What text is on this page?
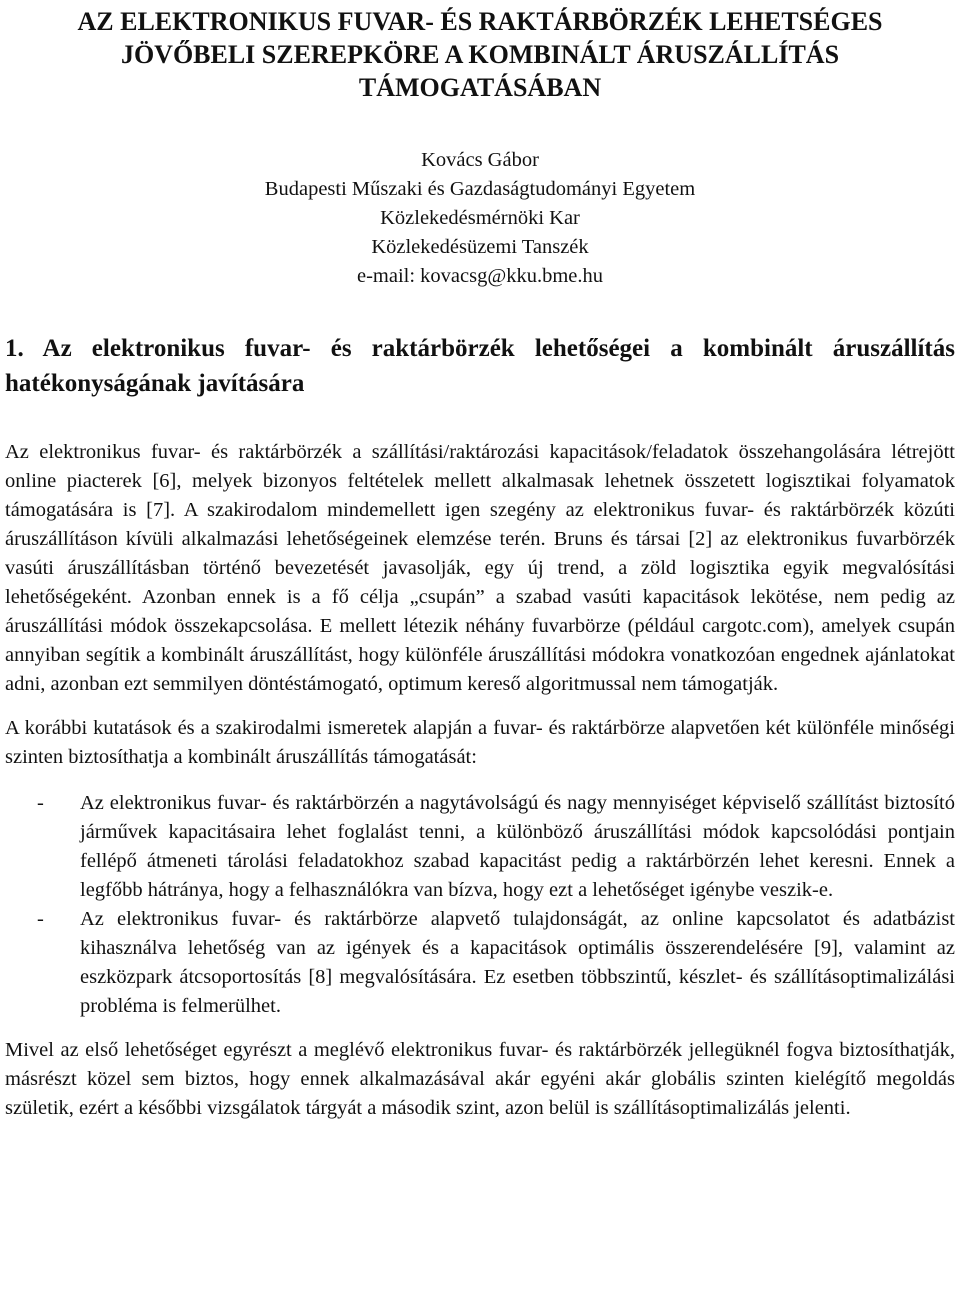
AZ ELEKTRONIKUS FUVAR- ÉS RAKTÁRBÖRZÉK LEHETSÉGES
JÖVŐBELI SZEREPKÖRE A KOMBINÁLT ÁRUSZÁLLÍTÁS
TÁMOGATÁSÁBAN
Kovács Gábor
Budapesti Műszaki és Gazdaságtudományi Egyetem
Közlekedésmérnöki Kar
Közlekedésüzemi Tanszék
e-mail: kovacsg@kku.bme.hu
1. Az elektronikus fuvar- és raktárbörzék lehetőségei a kombinált áruszállítás hatékonyságának javítására

Az elektronikus fuvar- és raktárbörzék a szállítási/raktározási kapacitások/feladatok összehangolására létrejött online piacterek [6], melyek bizonyos feltételek mellett alkalmasak lehetnek összetett logisztikai folyamatok támogatására is [7]. A szakirodalom mindemellett igen szegény az elektronikus fuvar- és raktárbörzék közúti áruszállításon kívüli alkalmazási lehetőségeinek elemzése terén. Bruns és társai [2] az elektronikus fuvarbörzék vasúti áruszállításban történő bevezetését javasolják, egy új trend, a zöld logisztika egyik megvalósítási lehetőségeként. Azonban ennek is a fő célja „csupán” a szabad vasúti kapacitások lekötése, nem pedig az áruszállítási módok összekapcsolása. E mellett létezik néhány fuvarbörze (például cargotc.com), amelyek csupán annyiban segítik a kombinált áruszállítást, hogy különféle áruszállítási módokra vonatkozóan engednek ajánlatokat adni, azonban ezt semmilyen döntéstámogató, optimum kereső algoritmussal nem támogatják.

A korábbi kutatások és a szakirodalmi ismeretek alapján a fuvar- és raktárbörze alapvetően két különféle minőségi szinten biztosíthatja a kombinált áruszállítás támogatását:

- Az elektronikus fuvar- és raktárbörzén a nagytávolságú és nagy mennyiséget képviselő szállítást biztosító járművek kapacitásaira lehet foglalást tenni, a különböző áruszállítási módok kapcsolódási pontjain fellépő átmeneti tárolási feladatokhoz szabad kapacitást pedig a raktárbörzén lehet keresni. Ennek a legfőbb hátránya, hogy a felhasználókra van bízva, hogy ezt a lehetőséget igénybe veszik-e.
- Az elektronikus fuvar- és raktárbörze alapvető tulajdonságát, az online kapcsolatot és adatbázist kihasználva lehetőség van az igények és a kapacitások optimális összerendelésére [9], valamint az eszközpark átcsoportosítás [8] megvalósítására. Ez esetben többszintű, készlet- és szállításoptimalizálási probléma is felmerülhet.

Mivel az első lehetőséget egyrészt a meglévő elektronikus fuvar- és raktárbörzék jellegüknél fogva biztosíthatják, másrészt közel sem biztos, hogy ennek alkalmazásával akár egyéni akár globális szinten kielégítő megoldás születik, ezért a későbbi vizsgálatok tárgyát a második szint, azon belül is szállításoptimalizálás jelenti.
